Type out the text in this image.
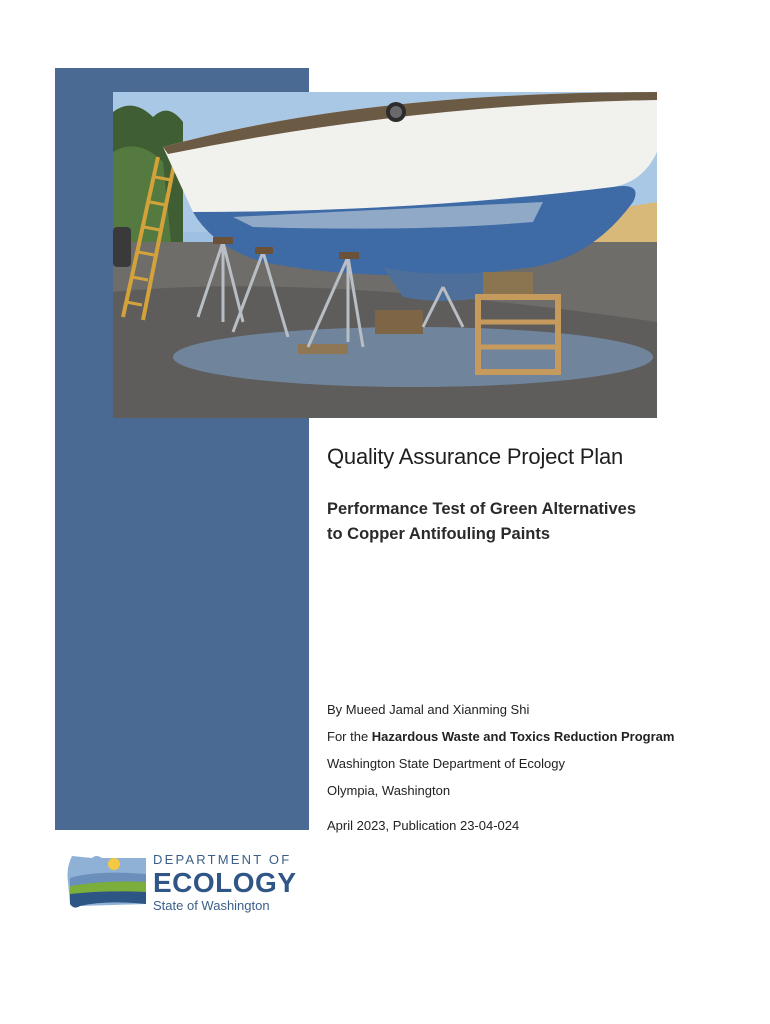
Quality Assurance Project Plan
Performance Test of Green Alternatives
to Copper Antifouling Paints
By Mueed Jamal and Xianming Shi
For the Hazardous Waste and Toxics Reduction Program
Washington State Department of Ecology
Olympia, Washington
April 2023, Publication 23-04-024
DEPARTMENT OF
ECOLOGY
State of Washington
